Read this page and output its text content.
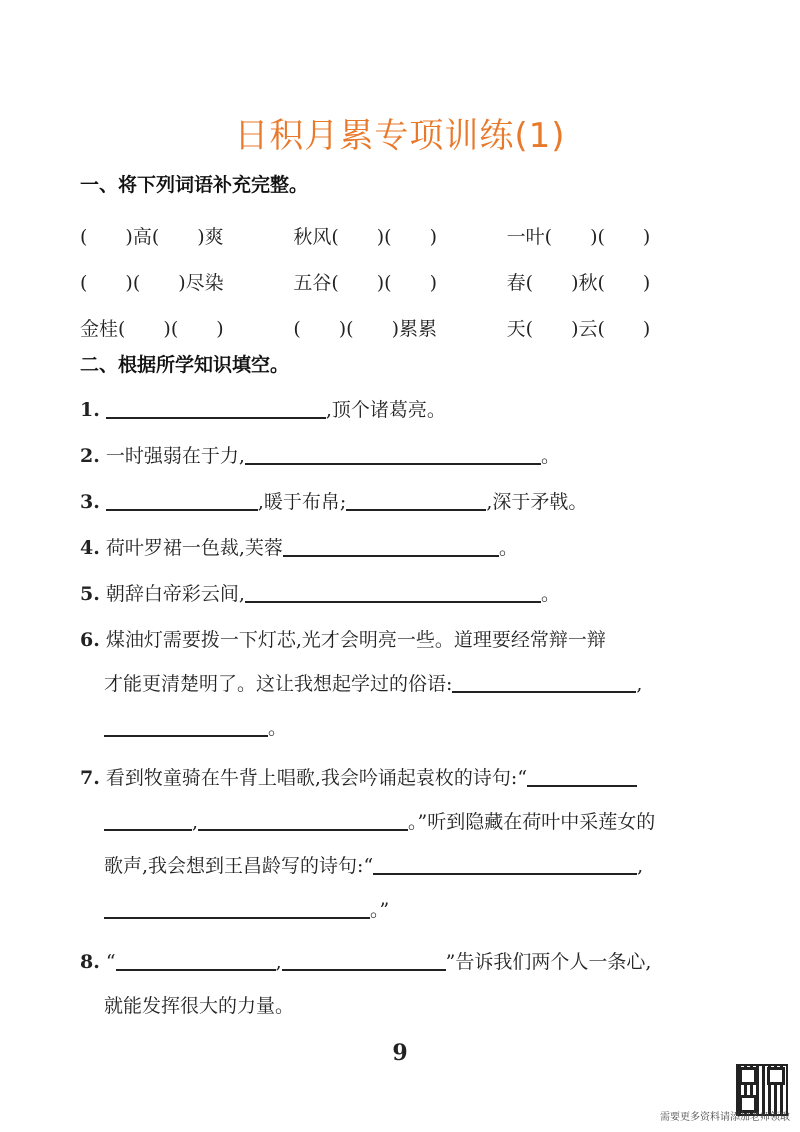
日积月累专项训练(1)
一、将下列词语补充完整。
(　　)高(　　)爽	秋风(　　)(　　)	一叶(　　)(　　)
(　　)(　　)尽染	五谷(　　)(　　)	春(　　)秋(　　)
金桂(　　)(　　)	(　　)(　　)累累	天(　　)云(　　)
二、根据所学知识填空。
1.	,顶个诸葛亮。
2. 一时强弱在于力,	。
3.	,暖于布帛;	,深于矛戟。
4. 荷叶罗裙一色裁,芙蓉	。
5. 朝辞白帝彩云间,	。
6. 煤油灯需要拨一下灯芯,光才会明亮一些。道理要经常辩一辩
才能更清楚明了。这让我想起学过的俗语:	,
。
7. 看到牧童骑在牛背上唱歌,我会吟诵起袁枚的诗句:“
,	。”听到隐藏在荷叶中采莲女的
歌声,我会想到王昌龄写的诗句:“	,
。”
8. “	,	”告诉我们两个人一条心,
就能发挥很大的力量。
9
需要更多资料请添加老师领取
